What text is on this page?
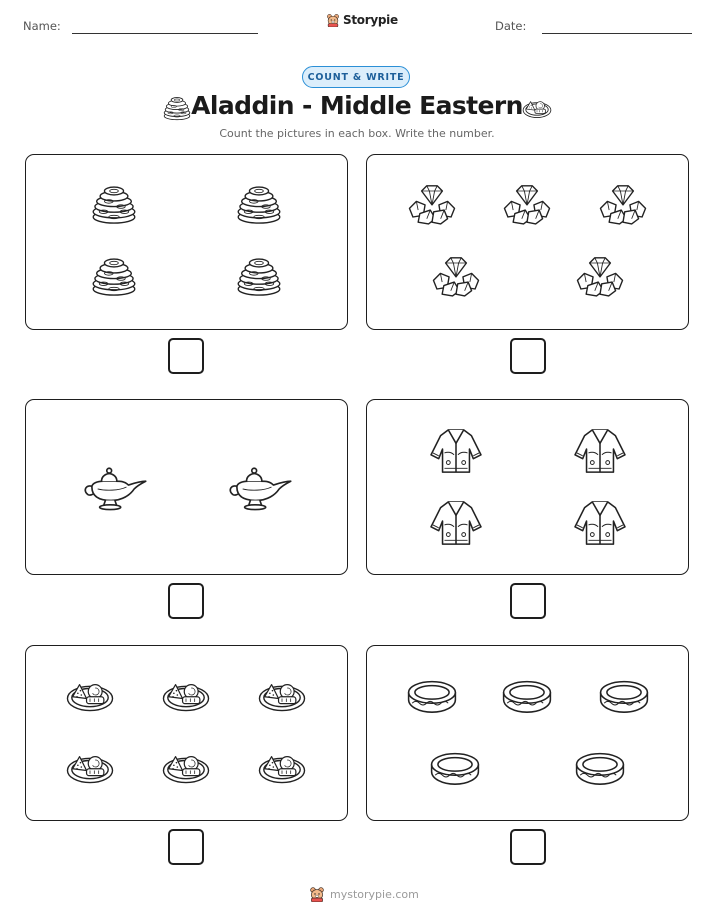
Name:	Storypie	Date:
COUNT & WRITE
Aladdin - Middle Eastern
Count the pictures in each box. Write the number.
mystorypie.com
